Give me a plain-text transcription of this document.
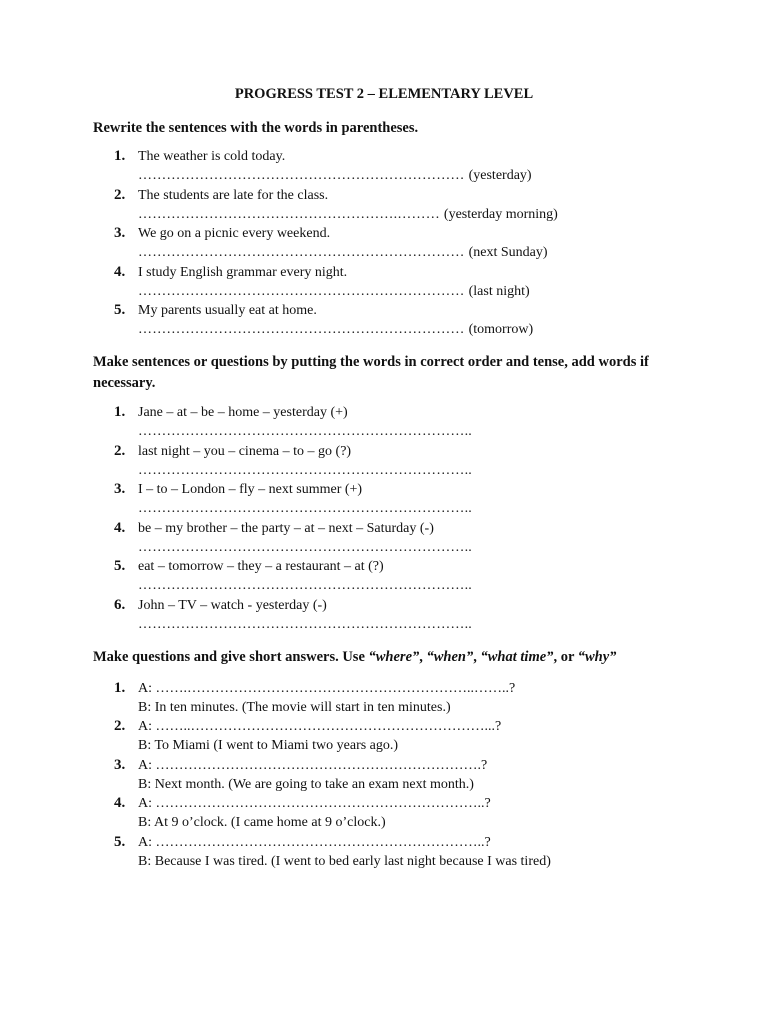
PROGRESS TEST 2 – ELEMENTARY LEVEL
Rewrite the sentences with the words in parentheses.
1. The weather is cold today.
…………………………………………………………… (yesterday)
2. The students are late for the class.
……………………………………………….……… (yesterday morning)
3. We go on a picnic every weekend.
…………………………………………………………… (next Sunday)
4. I study English grammar every night.
…………………………………………………………… (last night)
5. My parents usually eat at home.
…………………………………………………………… (tomorrow)
Make sentences or questions by putting the words in correct order and tense, add words if necessary.
1. Jane – at – be – home – yesterday (+)
……………………………………………………………..
2. last night – you – cinema – to – go (?)
……………………………………………………………..
3. I – to – London – fly – next summer (+)
……………………………………………………………..
4. be – my brother – the party – at – next – Saturday (-)
……………………………………………………………..
5. eat – tomorrow – they – a restaurant – at (?)
……………………………………………………………..
6. John – TV – watch - yesterday (-)
……………………………………………………………..
Make questions and give short answers. Use “where”, “when”, “what time”, or “why”
1. A: …….……………………………………………………..……..?
B: In ten minutes. (The movie will start in ten minutes.)
2. A: ……..………………………………………………………...?
B: To Miami (I went to Miami two years ago.)
3. A: …………………………………………………………….?
B: Next month. (We are going to take an exam next month.)
4. A: ……………………………………………………………..?
B: At 9 o’clock. (I came home at 9 o’clock.)
5. A: ……………………………………………………………..?
B: Because I was tired. (I went to bed early last night because I was tired)
